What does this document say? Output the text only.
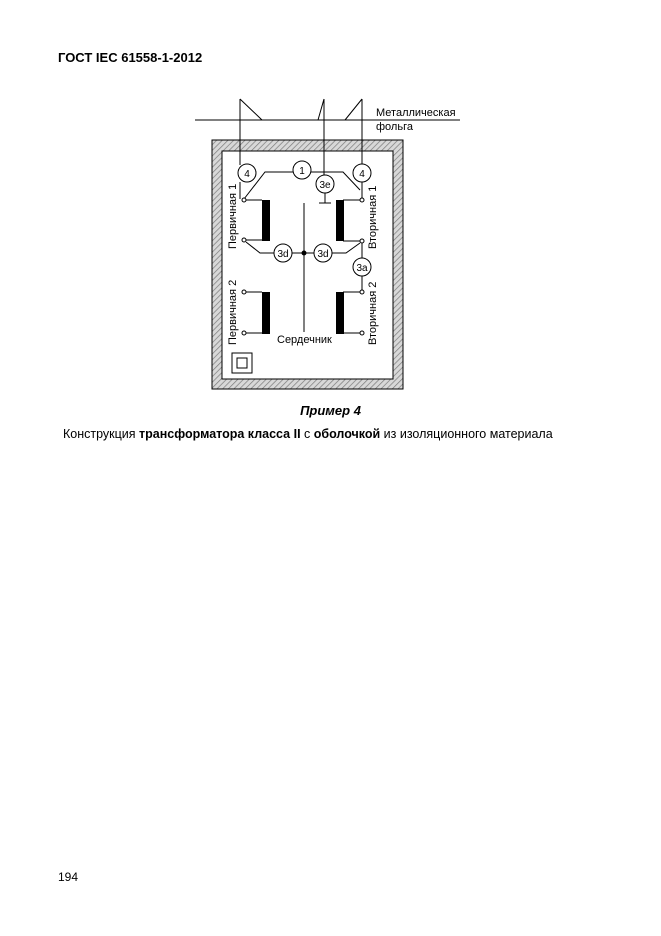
ГОСТ IEC 61558-1-2012
4	4
1
3e
3d	3d
3a
Металлическая
фольга
Сердечник
Первичная 1
Первичная 2
Вторичная 1
Вторичная 2
Пример 4
Конструкция трансформатора класса II с оболочкой из изоляционного материала
194
